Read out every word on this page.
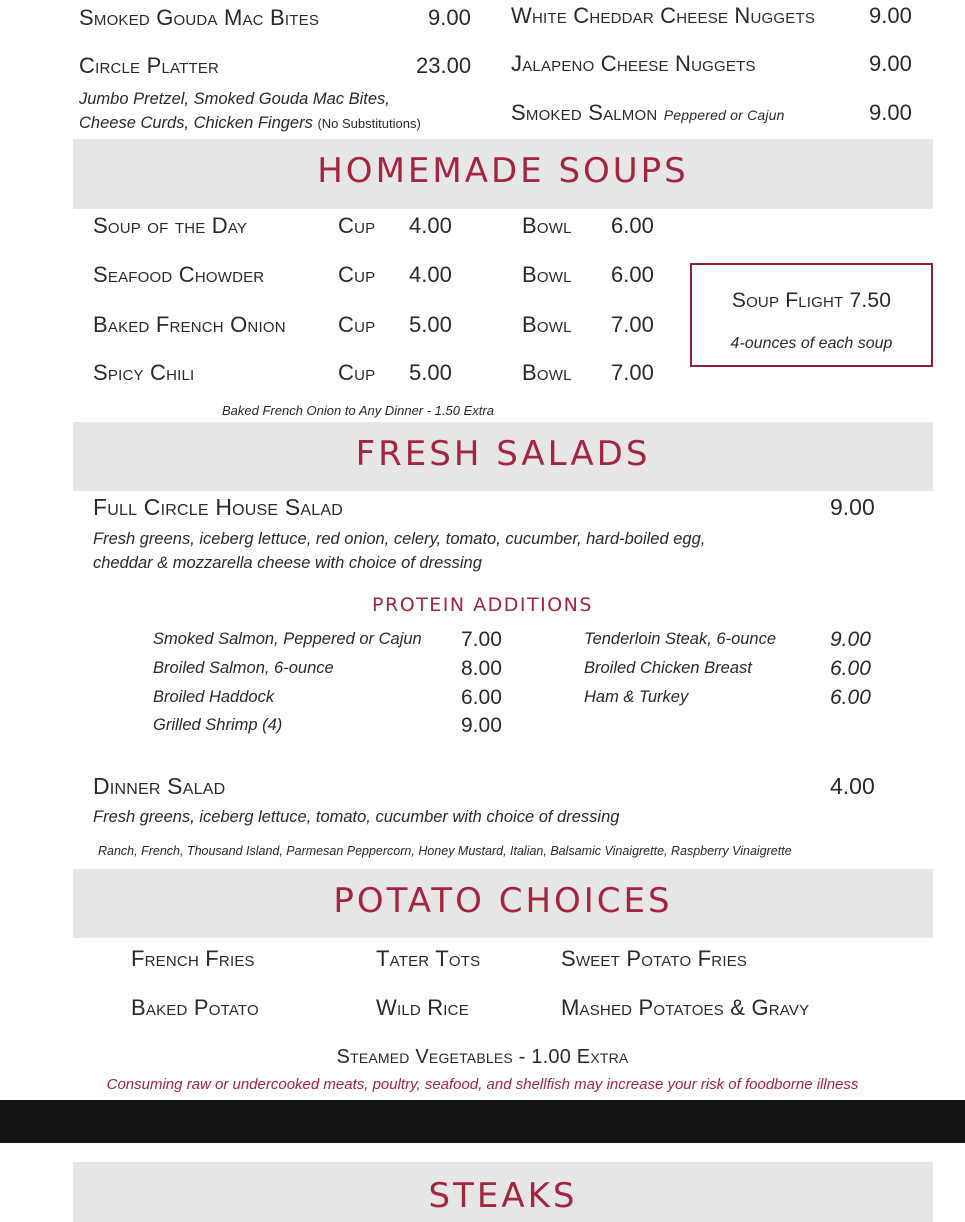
Smoked Gouda Mac Bites	9.00
Circle Platter	23.00
Jumbo Pretzel, Smoked Gouda Mac Bites,
Cheese Curds, Chicken Fingers (No Substitutions)
White Cheddar Cheese Nuggets 9.00
Jalapeno Cheese Nuggets	9.00
Smoked Salmon Peppered or Cajun	9.00
HOMEMADE SOUPS
Soup of the Day	Cup 4.00	Bowl 6.00
Seafood Chowder	Cup 4.00	Bowl 6.00
Baked French Onion Cup 5.00	Bowl 7.00
Spicy Chili	Cup 5.00	Bowl 7.00
Soup Flight 7.50
4-ounces of each soup
Baked French Onion to Any Dinner - 1.50 Extra
FRESH SALADS
Full Circle House Salad	9.00
Fresh greens, iceberg lettuce, red onion, celery, tomato, cucumber, hard-boiled egg,
cheddar & mozzarella cheese with choice of dressing
PROTEIN ADDITIONS
Smoked Salmon, Peppered or Cajun 7.00
Broiled Salmon, 6-ounce	8.00
Broiled Haddock	6.00
Grilled Shrimp (4)	9.00
Tenderloin Steak, 6-ounce	9.00
Broiled Chicken Breast	6.00
Ham & Turkey	6.00
Dinner Salad	4.00
Fresh greens, iceberg lettuce, tomato, cucumber with choice of dressing
Ranch, French, Thousand Island, Parmesan Peppercorn, Honey Mustard, Italian, Balsamic Vinaigrette, Raspberry Vinaigrette
POTATO CHOICES
French Fries	Tater Tots	Sweet Potato Fries
Baked Potato	Wild Rice	Mashed Potatoes & Gravy
Steamed Vegetables - 1.00 Extra
Consuming raw or undercooked meats, poultry, seafood, and shellfish may increase your risk of foodborne illness
STEAKS
